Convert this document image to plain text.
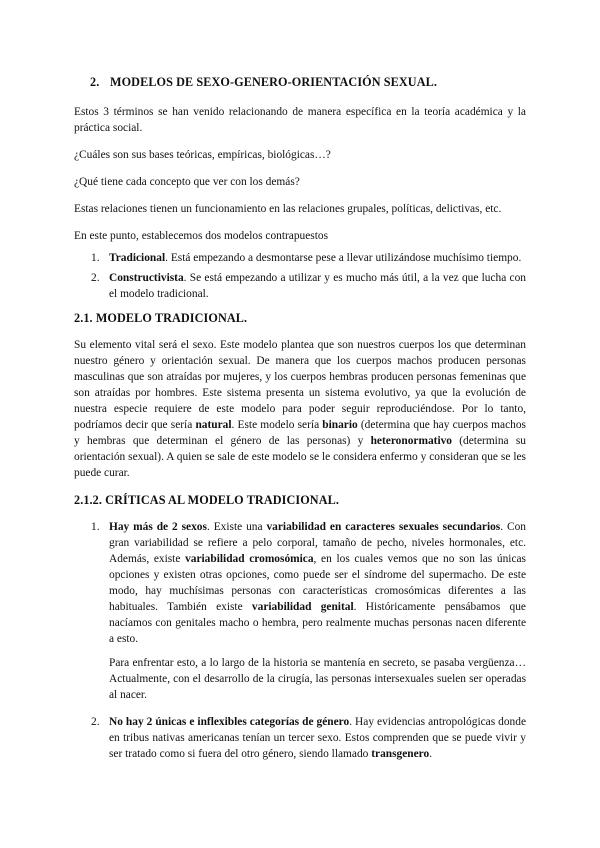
2. MODELOS DE SEXO-GENERO-ORIENTACIÓN SEXUAL.

Estos 3 términos se han venido relacionando de manera específica en la teoría académica y la práctica social.

¿Cuáles son sus bases teóricas, empíricas, biológicas…?

¿Qué tiene cada concepto que ver con los demás?

Estas relaciones tienen un funcionamiento en las relaciones grupales, políticas, delictivas, etc.

En este punto, establecemos dos modelos contrapuestos

1. Tradicional. Está empezando a desmontarse pese a llevar utilizándose muchísimo tiempo.
2. Constructivista. Se está empezando a utilizar y es mucho más útil, a la vez que lucha con el modelo tradicional.
2.1. MODELO TRADICIONAL.

Su elemento vital será el sexo. Este modelo plantea que son nuestros cuerpos los que determinan nuestro género y orientación sexual. De manera que los cuerpos machos producen personas masculinas que son atraídas por mujeres, y los cuerpos hembras producen personas femeninas que son atraídas por hombres. Este sistema presenta un sistema evolutivo, ya que la evolución de nuestra especie requiere de este modelo para poder seguir reproduciéndose. Por lo tanto, podríamos decir que sería natural. Este modelo sería binario (determina que hay cuerpos machos y hembras que determinan el género de las personas) y heteronormativo (determina su orientación sexual). A quien se sale de este modelo se le considera enfermo y consideran que se les puede curar.

2.1.2. CRÍTICAS AL MODELO TRADICIONAL.
1. Hay más de 2 sexos. Existe una variabilidad en caracteres sexuales secundarios. Con gran variabilidad se refiere a pelo corporal, tamaño de pecho, niveles hormonales, etc. Además, existe variabilidad cromosómica, en los cuales vemos que no son las únicas opciones y existen otras opciones, como puede ser el síndrome del supermacho. De este modo, hay muchísimas personas con características cromosómicas diferentes a las habituales. También existe variabilidad genital. Históricamente pensábamos que nacíamos con genitales macho o hembra, pero realmente muchas personas nacen diferente a esto.

Para enfrentar esto, a lo largo de la historia se mantenía en secreto, se pasaba vergüenza… Actualmente, con el desarrollo de la cirugía, las personas intersexuales suelen ser operadas al nacer.

2. No hay 2 únicas e inflexibles categorías de género. Hay evidencias antropológicas donde en tribus nativas americanas tenían un tercer sexo. Estos comprenden que se puede vivir y ser tratado como si fuera del otro género, siendo llamado transgenero.
